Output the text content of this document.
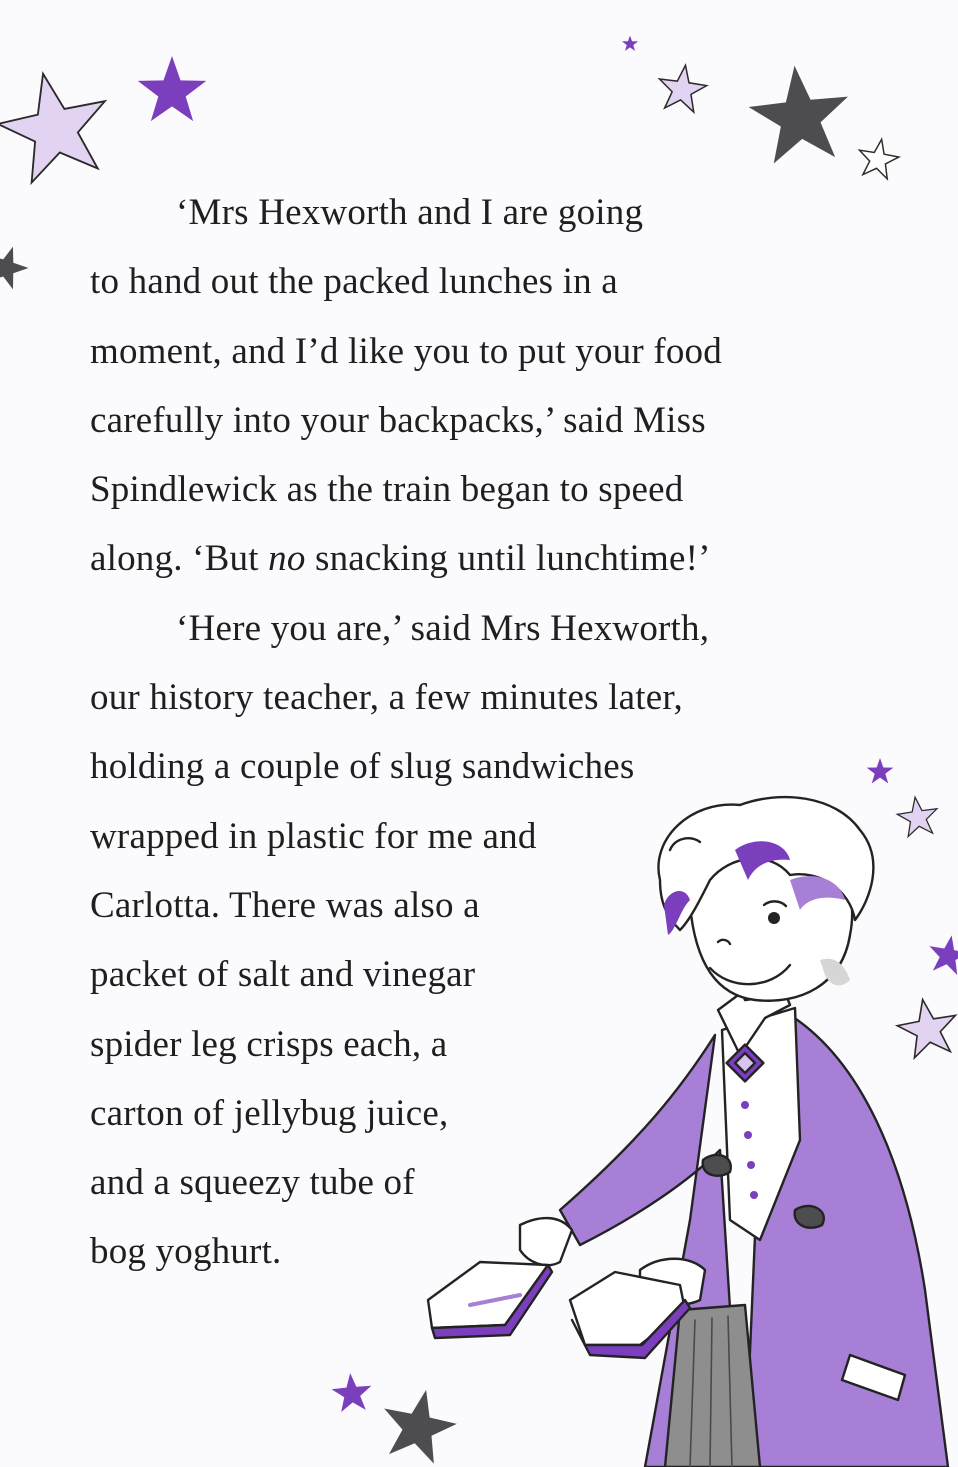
‘Mrs Hexworth and I are going
to hand out the packed lunches in a
moment, and I’d like you to put your food
carefully into your backpacks,’ said Miss
Spindlewick as the train began to speed
along. ‘But no snacking until lunchtime!’
‘Here you are,’ said Mrs Hexworth,
our history teacher, a few minutes later,
holding a couple of slug sandwiches
wrapped in plastic for me and
Carlotta. There was also a
packet of salt and vinegar
spider leg crisps each, a
carton of jellybug juice,
and a squeezy tube of
bog yoghurt.
